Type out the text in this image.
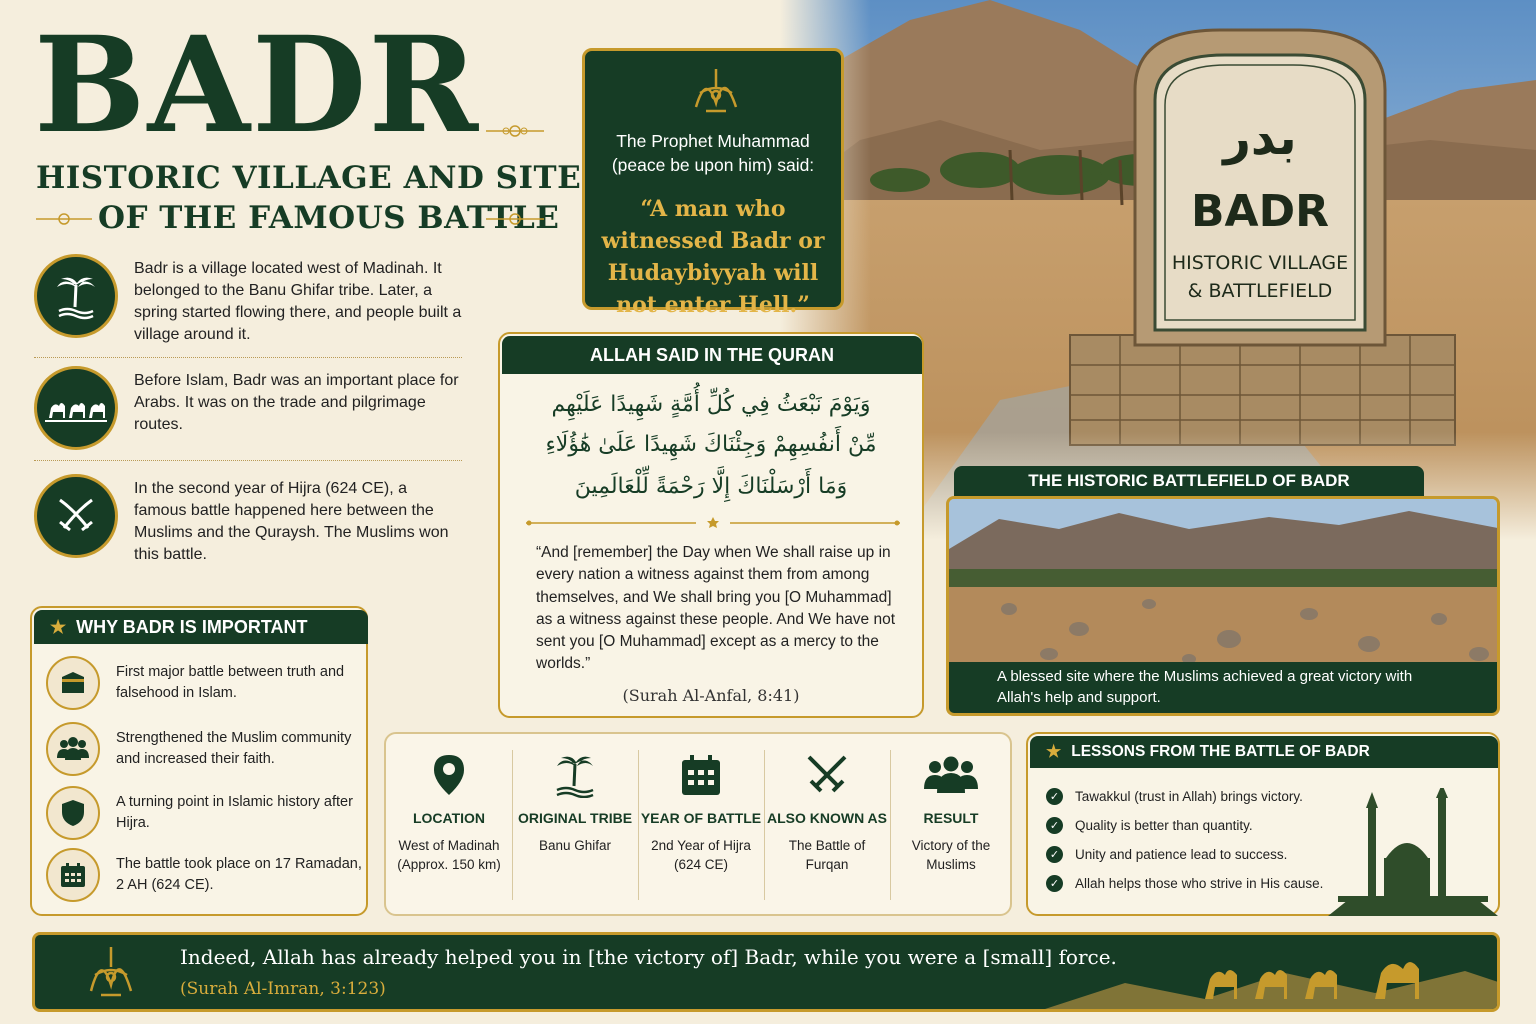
بدر
BADR
HISTORIC VILLAGE
& BATTLEFIELD
BADR
HISTORIC VILLAGE AND SITE
OF THE FAMOUS BATTLE
Badr is a village located west of Madinah. It belonged to the Banu Ghifar tribe. Later, a spring started flowing there, and people built a village around it.
Before Islam, Badr was an important place for Arabs. It was on the trade and pilgrimage routes.
In the second year of Hijra (624 CE), a famous battle happened here between the Muslims and the Quraysh. The Muslims won this battle.
★ WHY BADR IS IMPORTANT
First major battle between truth and falsehood in Islam.
Strengthened the Muslim community and increased their faith.
A turning point in Islamic history after Hijra.
The battle took place on 17 Ramadan, 2 AH (624 CE).
The Prophet Muhammad (peace be upon him) said:
“A man who witnessed Badr or Hudaybiyyah will not enter Hell.”
ALLAH SAID IN THE QURAN
وَيَوْمَ نَبْعَثُ فِي كُلِّ أُمَّةٍ شَهِيدًا عَلَيْهِم
مِّنْ أَنفُسِهِمْ وَجِئْنَاكَ شَهِيدًا عَلَىٰ هَٰؤُلَاءِ
وَمَا أَرْسَلْنَاكَ إِلَّا رَحْمَةً لِّلْعَالَمِينَ
“And [remember] the Day when We shall raise up in every nation a witness against them from among themselves, and We shall bring you [O Muhammad] as a witness against these people. And We have not sent you [O Muhammad] except as a mercy to the worlds.”
(Surah Al-Anfal, 8:41)
THE HISTORIC BATTLEFIELD OF BADR
A blessed site where the Muslims achieved a great victory with Allah's help and support.
LOCATION
West of Madinah (Approx. 150 km)
ORIGINAL TRIBE
Banu Ghifar
YEAR OF BATTLE
2nd Year of Hijra (624 CE)
ALSO KNOWN AS
The Battle of Furqan
RESULT
Victory of the Muslims
★ LESSONS FROM THE BATTLE OF BADR
✓ Tawakkul (trust in Allah) brings victory.
✓ Quality is better than quantity.
✓ Unity and patience lead to success.
✓ Allah helps those who strive in His cause.
Indeed, Allah has already helped you in [the victory of] Badr, while you were a [small] force.
(Surah Al-Imran, 3:123)
